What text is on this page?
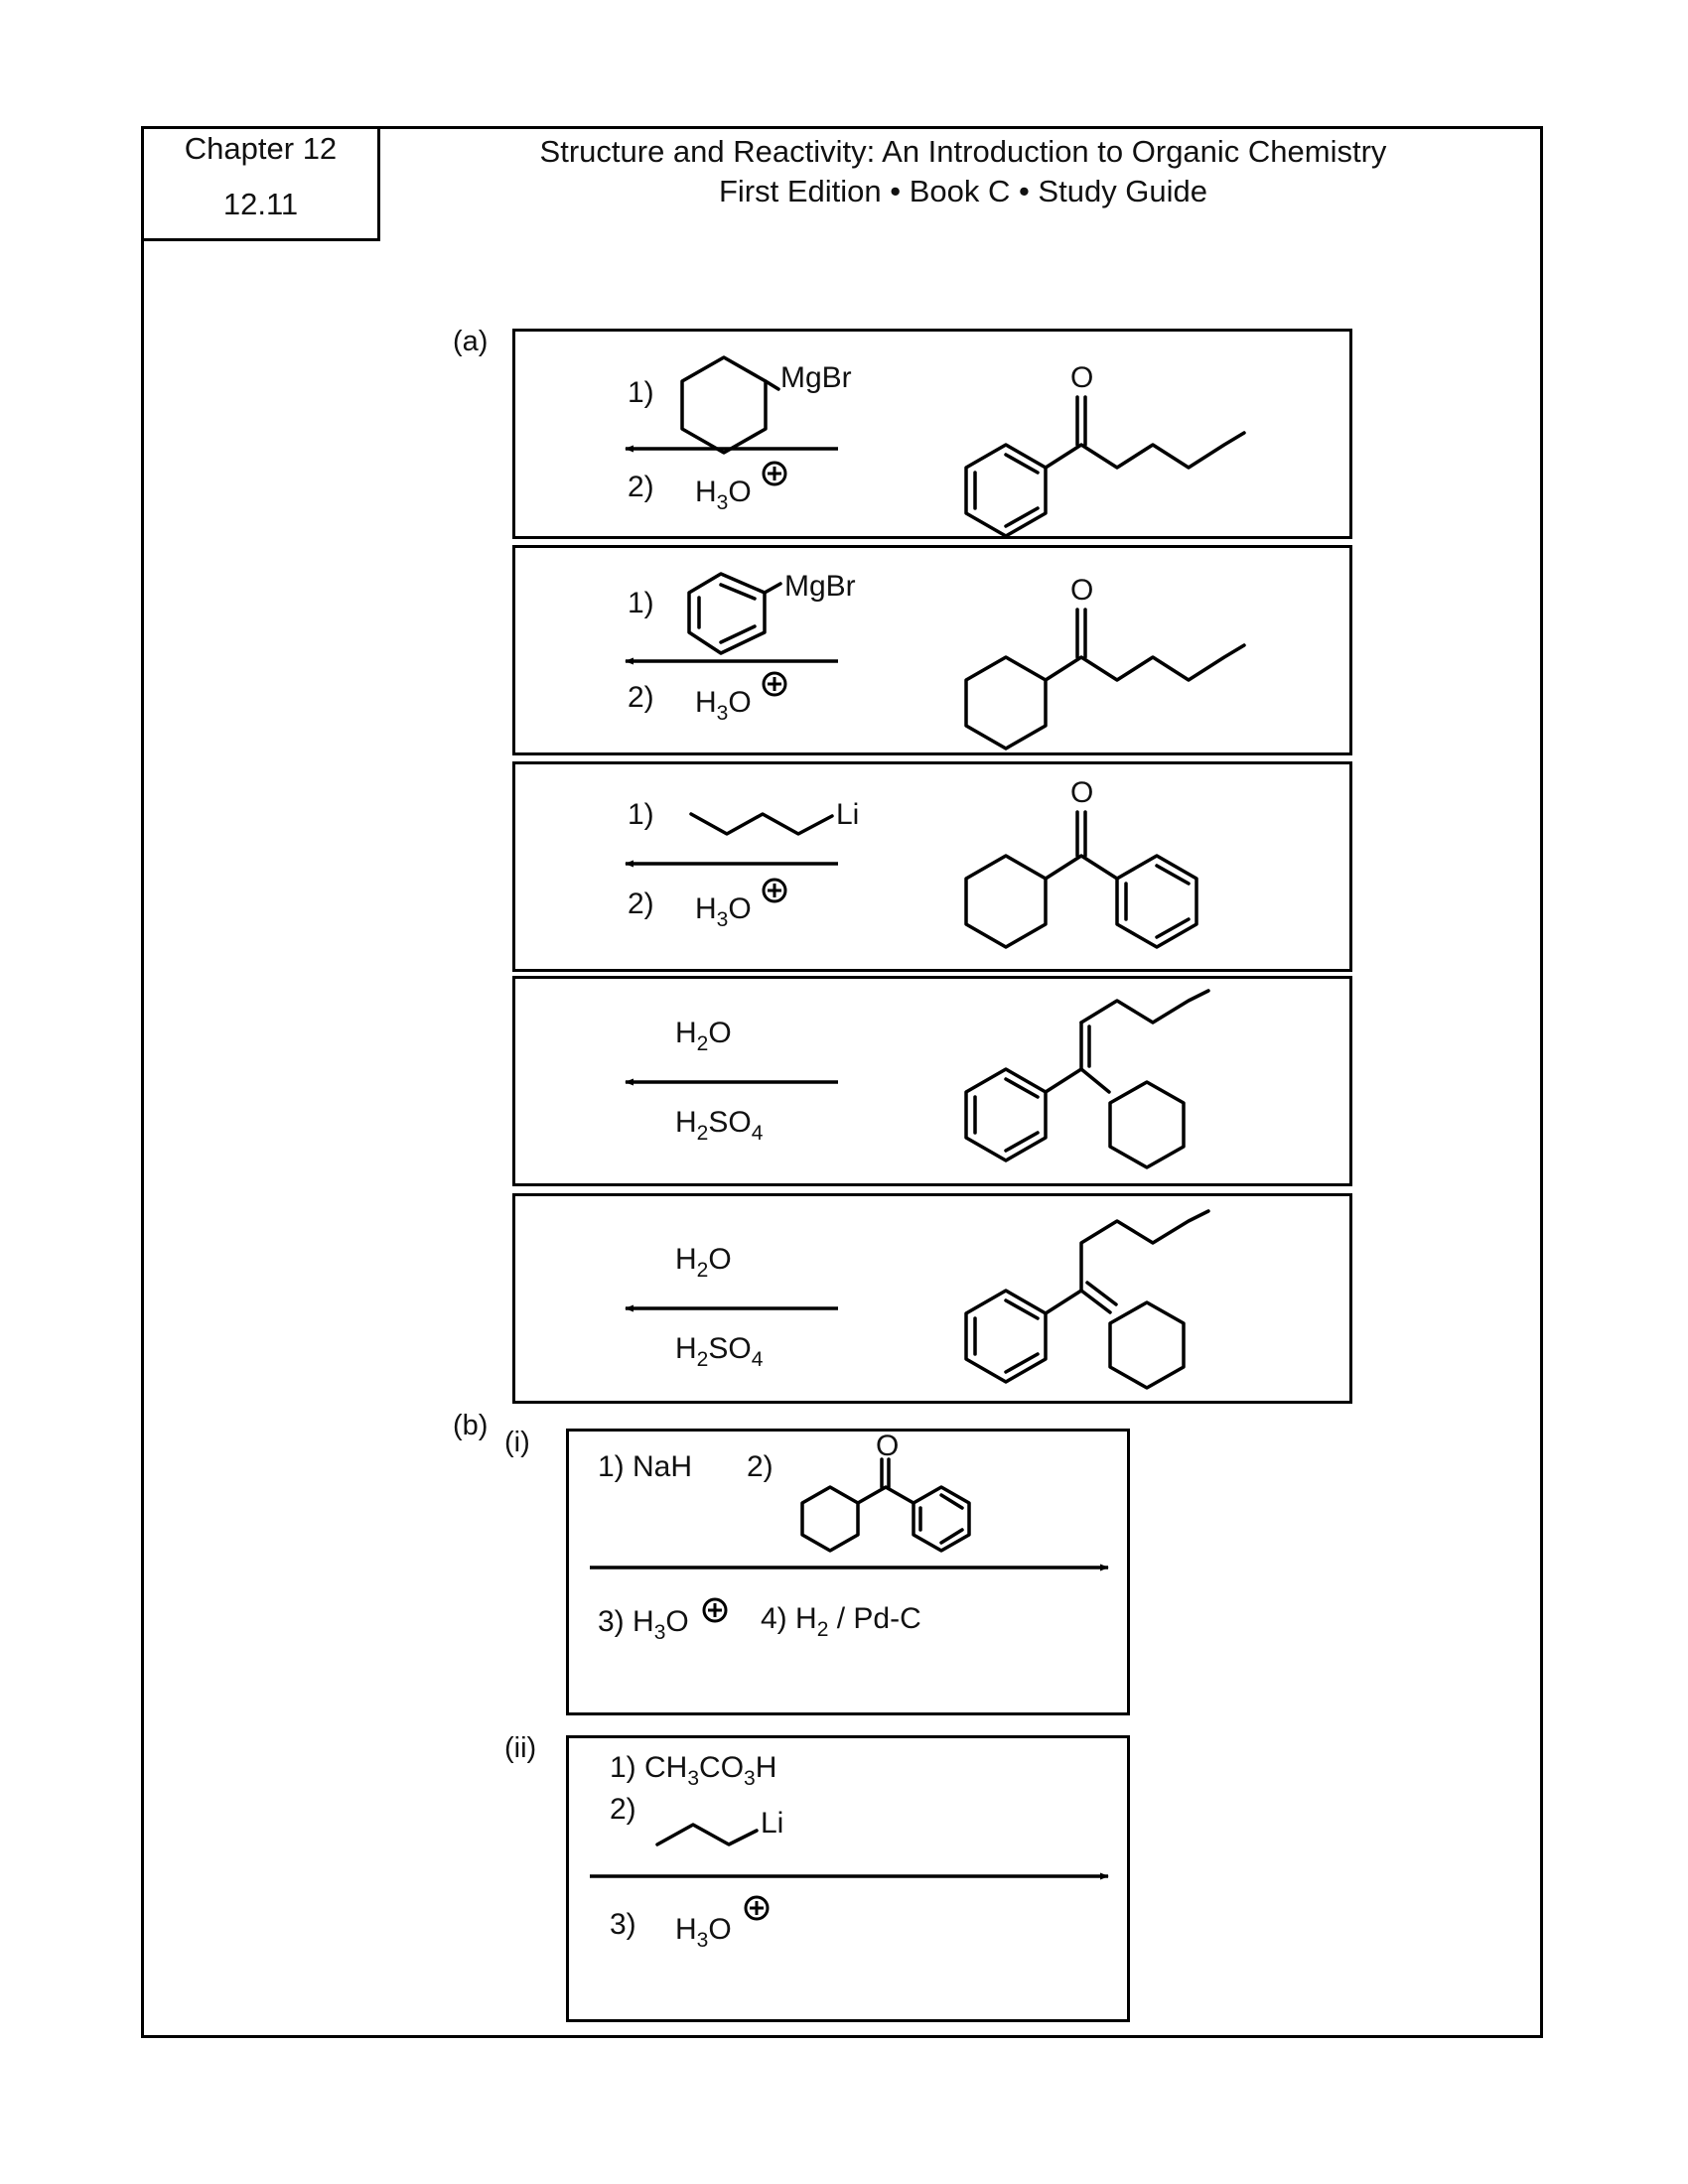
Chapter 12
12.11
Structure and Reactivity: An Introduction to Organic Chemistry
First Edition • Book C • Study Guide
(a)
(b)
(i)
(ii)
1)	MgBr
2) $H_3O$
O
1)
MgBr
2) $H_3O$
O
1)	Li
2) $H_3O$
O
$H_2O$
$H_2SO_4$
$H_2O$
$H_2SO_4$
1) NaH 2)
O
3) $H_3O$ 4) $H_2 / Pd-C$
1) $CH_3CO_3H$
2)	Li
3) $H_3O$
